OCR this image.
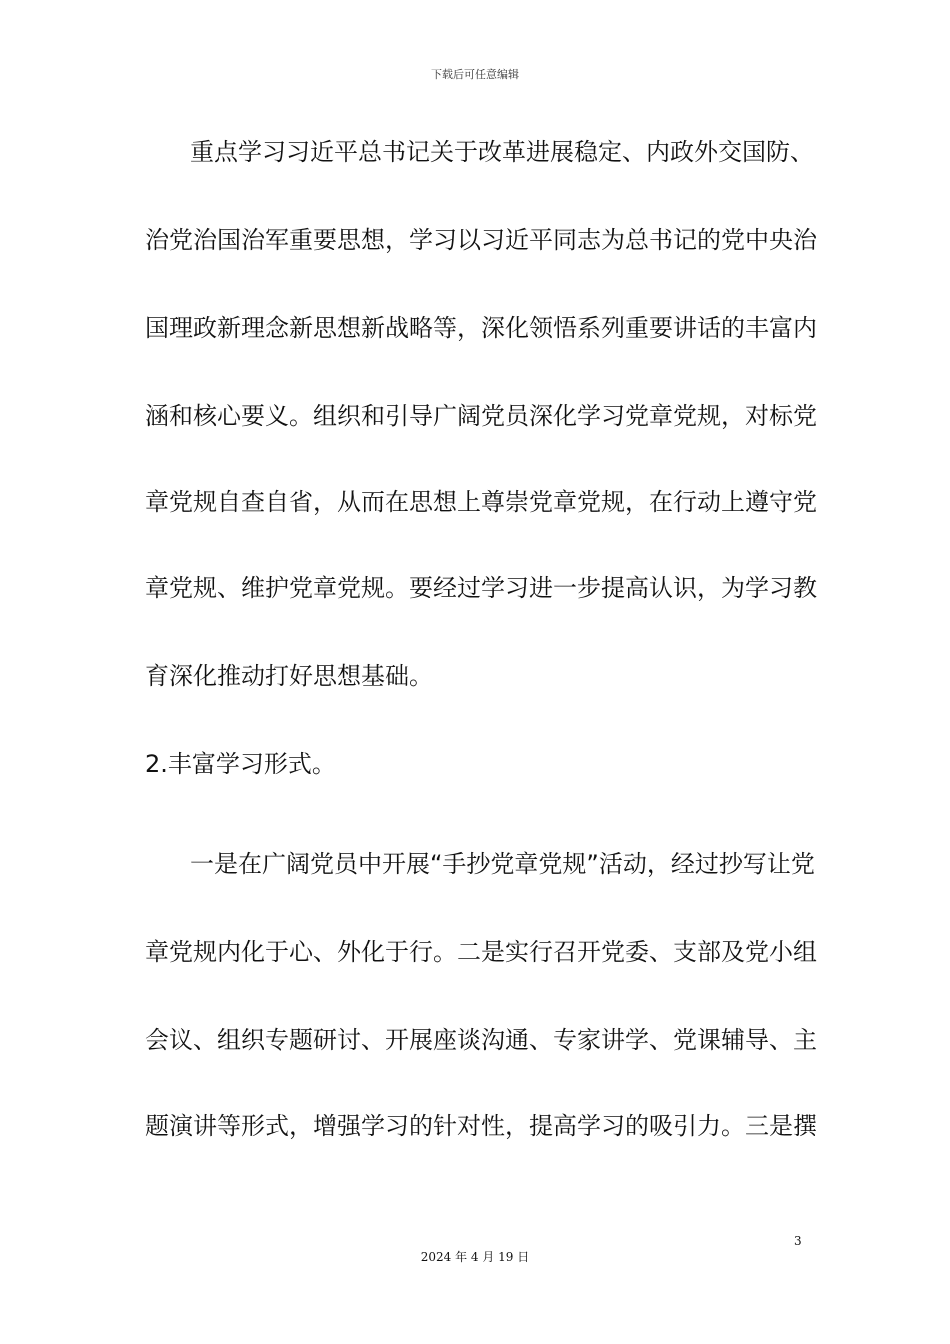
下载后可任意编辑
重点学习习近平总书记关于改革进展稳定、内政外交国防、
治党治国治军重要思想，学习以习近平同志为总书记的党中央治
国理政新理念新思想新战略等，深化领悟系列重要讲话的丰富内
涵和核心要义。组织和引导广阔党员深化学习党章党规，对标党
章党规自查自省，从而在思想上尊崇党章党规，在行动上遵守党
章党规、维护党章党规。要经过学习进一步提高认识，为学习教
育深化推动打好思想基础。
2.丰富学习形式。
一是在广阔党员中开展“手抄党章党规”活动，经过抄写让党
章党规内化于心、外化于行。二是实行召开党委、支部及党小组
会议、组织专题研讨、开展座谈沟通、专家讲学、党课辅导、主
题演讲等形式，增强学习的针对性，提高学习的吸引力。三是撰
3
2024 年 4 月 19 日
